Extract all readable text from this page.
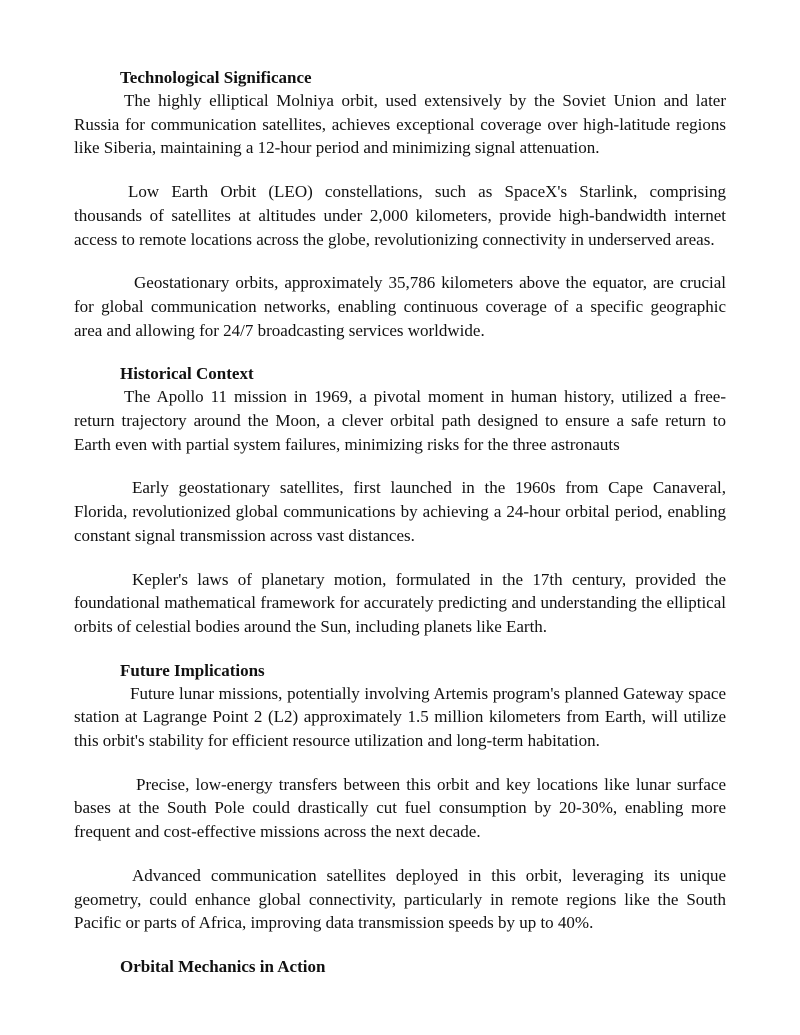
Technological Significance

The highly elliptical Molniya orbit, used extensively by the Soviet Union and later Russia for communication satellites, achieves exceptional coverage over high-latitude regions like Siberia, maintaining a 12-hour period and minimizing signal attenuation.

Low Earth Orbit (LEO) constellations, such as SpaceX's Starlink, comprising thousands of satellites at altitudes under 2,000 kilometers, provide high-bandwidth internet access to remote locations across the globe, revolutionizing connectivity in underserved areas.

Geostationary orbits, approximately 35,786 kilometers above the equator, are crucial for global communication networks, enabling continuous coverage of a specific geographic area and allowing for 24/7 broadcasting services worldwide.

Historical Context

The Apollo 11 mission in 1969, a pivotal moment in human history, utilized a free-return trajectory around the Moon, a clever orbital path designed to ensure a safe return to Earth even with partial system failures, minimizing risks for the three astronauts

Early geostationary satellites, first launched in the 1960s from Cape Canaveral, Florida, revolutionized global communications by achieving a 24-hour orbital period, enabling constant signal transmission across vast distances.

Kepler's laws of planetary motion, formulated in the 17th century, provided the foundational mathematical framework for accurately predicting and understanding the elliptical orbits of celestial bodies around the Sun, including planets like Earth.

Future Implications

Future lunar missions, potentially involving Artemis program's planned Gateway space station at Lagrange Point 2 (L2) approximately 1.5 million kilometers from Earth, will utilize this orbit's stability for efficient resource utilization and long-term habitation.

Precise, low-energy transfers between this orbit and key locations like lunar surface bases at the South Pole could drastically cut fuel consumption by 20-30%, enabling more frequent and cost-effective missions across the next decade.

Advanced communication satellites deployed in this orbit, leveraging its unique geometry, could enhance global connectivity, particularly in remote regions like the South Pacific or parts of Africa, improving data transmission speeds by up to 40%.

Orbital Mechanics in Action
